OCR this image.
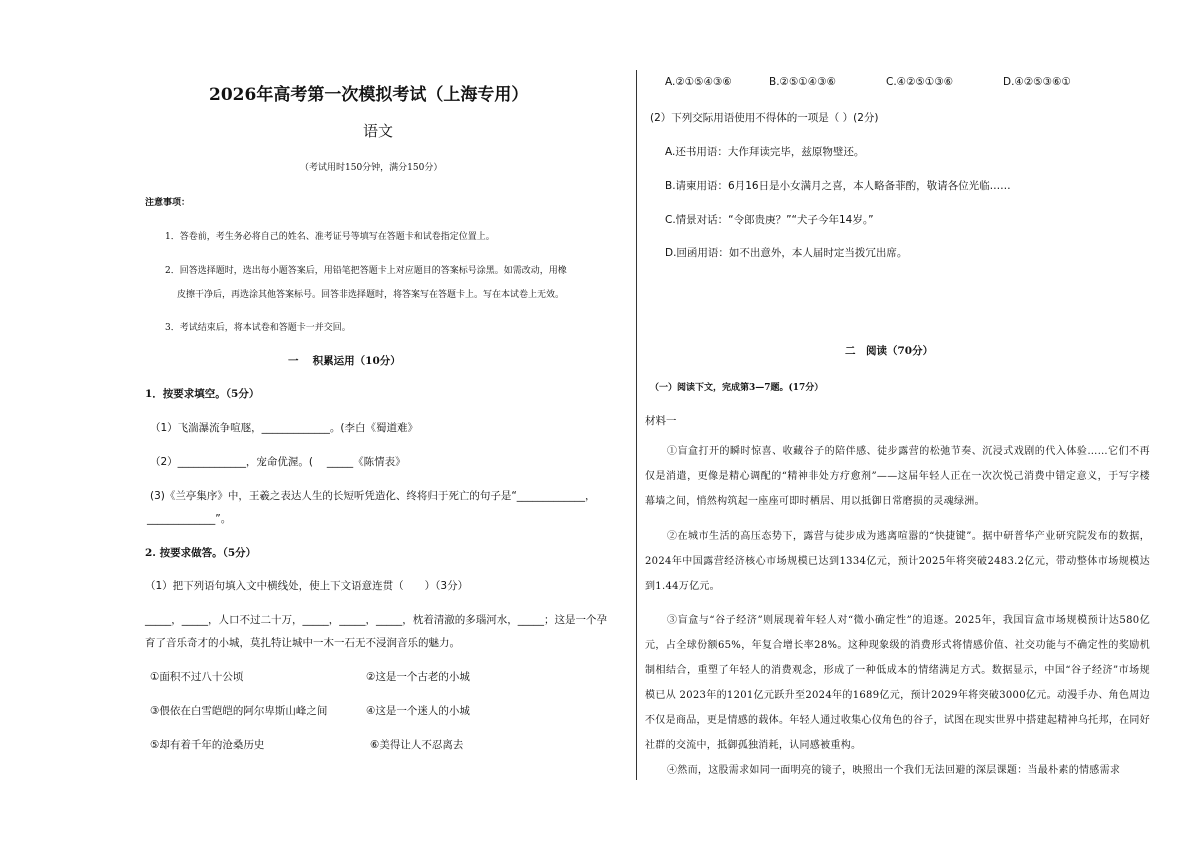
2026年高考第一次模拟考试（上海专用）
语文
（考试用时150分钟，满分150分）
注意事项：
1．答卷前，考生务必将自己的姓名、准考证号等填写在答题卡和试卷指定位置上。
2．回答选择题时，选出每小题答案后，用铅笔把答题卡上对应题目的答案标号涂黑。如需改动，用橡
皮擦干净后，再选涂其他答案标号。回答非选择题时，将答案写在答题卡上。写在本试卷上无效。
3．考试结束后，将本试卷和答题卡一并交回。
一　 积累运用（10分）
1．按要求填空。（5分）
（1）飞湍瀑流争喧豗，_____________。(李白《蜀道难》
（2）_____________，宠命优渥。(　 _____《陈情表》
(3)《兰亭集序》中，王羲之表达人生的长短听凭造化、终将归于死亡的句子是“_____________，
_____________”。
2. 按要求做答。（5分）
（1）把下列语句填入文中横线处，使上下文语意连贯（　　）（3分）
_____，_____，人口不过二十万，_____，_____，_____，枕着清澈的多瑙河水，_____；这是一个孕
育了音乐奇才的小城，莫扎特让城中一木一石无不浸润音乐的魅力。
①面积不过八十公顷	②这是一个古老的小城
③偎依在白雪皑皑的阿尔卑斯山峰之间	④这是一个迷人的小城
⑤却有着千年的沧桑历史	⑥美得让人不忍离去
A.②①⑤④③⑥	B.②⑤①④③⑥	C.④②⑤①③⑥	D.④②⑤③⑥①
(2）下列交际用语使用不得体的一项是（ ）(2分)
A.还书用语：大作拜读完毕，兹原物璧还。
B.请柬用语：6月16日是小女满月之喜，本人略备菲酌，敬请各位光临……
C.情景对话：“令郎贵庚？”“犬子今年14岁。”
D.回函用语：如不出意外，本人届时定当拨冗出席。
二　阅读（70分）
（一）阅读下文，完成第3—7题。(17分）
材料一
①盲盒打开的瞬时惊喜、收藏谷子的陪伴感、徒步露营的松弛节奏、沉浸式戏剧的代入体验……它们不再仅是消遣，更像是精心调配的“精神非处方疗愈剂”——这届年轻人正在一次次悦己消费中错定意义，于写字楼幕墙之间，悄然构筑起一座座可即时栖居、用以抵御日常磨损的灵魂绿洲。
②在城市生活的高压态势下，露营与徒步成为逃离喧嚣的“快捷键”。据中研普华产业研究院发布的数据，2024年中国露营经济核心市场规模已达到1334亿元，预计2025年将突破2483.2亿元，带动整体市场规模达到1.44万亿元。
③盲盒与“谷子经济”则展现着年轻人对“微小确定性”的追逐。2025年，我国盲盒市场规模预计达580亿元，占全球份额65%，年复合增长率28%。这种现象级的消费形式将情感价值、社交功能与不确定性的奖励机制相结合，重塑了年轻人的消费观念，形成了一种低成本的情绪满足方式。数据显示，中国“谷子经济”市场规模已从 2023年的1201亿元跃升至2024年的1689亿元，预计2029年将突破3000亿元。动漫手办、角色周边不仅是商品，更是情感的载体。年轻人通过收集心仪角色的谷子，试图在现实世界中搭建起精神乌托邦，在同好社群的交流中，抵御孤独消耗，认同感被重构。
④然而，这股需求如同一面明亮的镜子，映照出一个我们无法回避的深层课题：当最朴素的情感需求
